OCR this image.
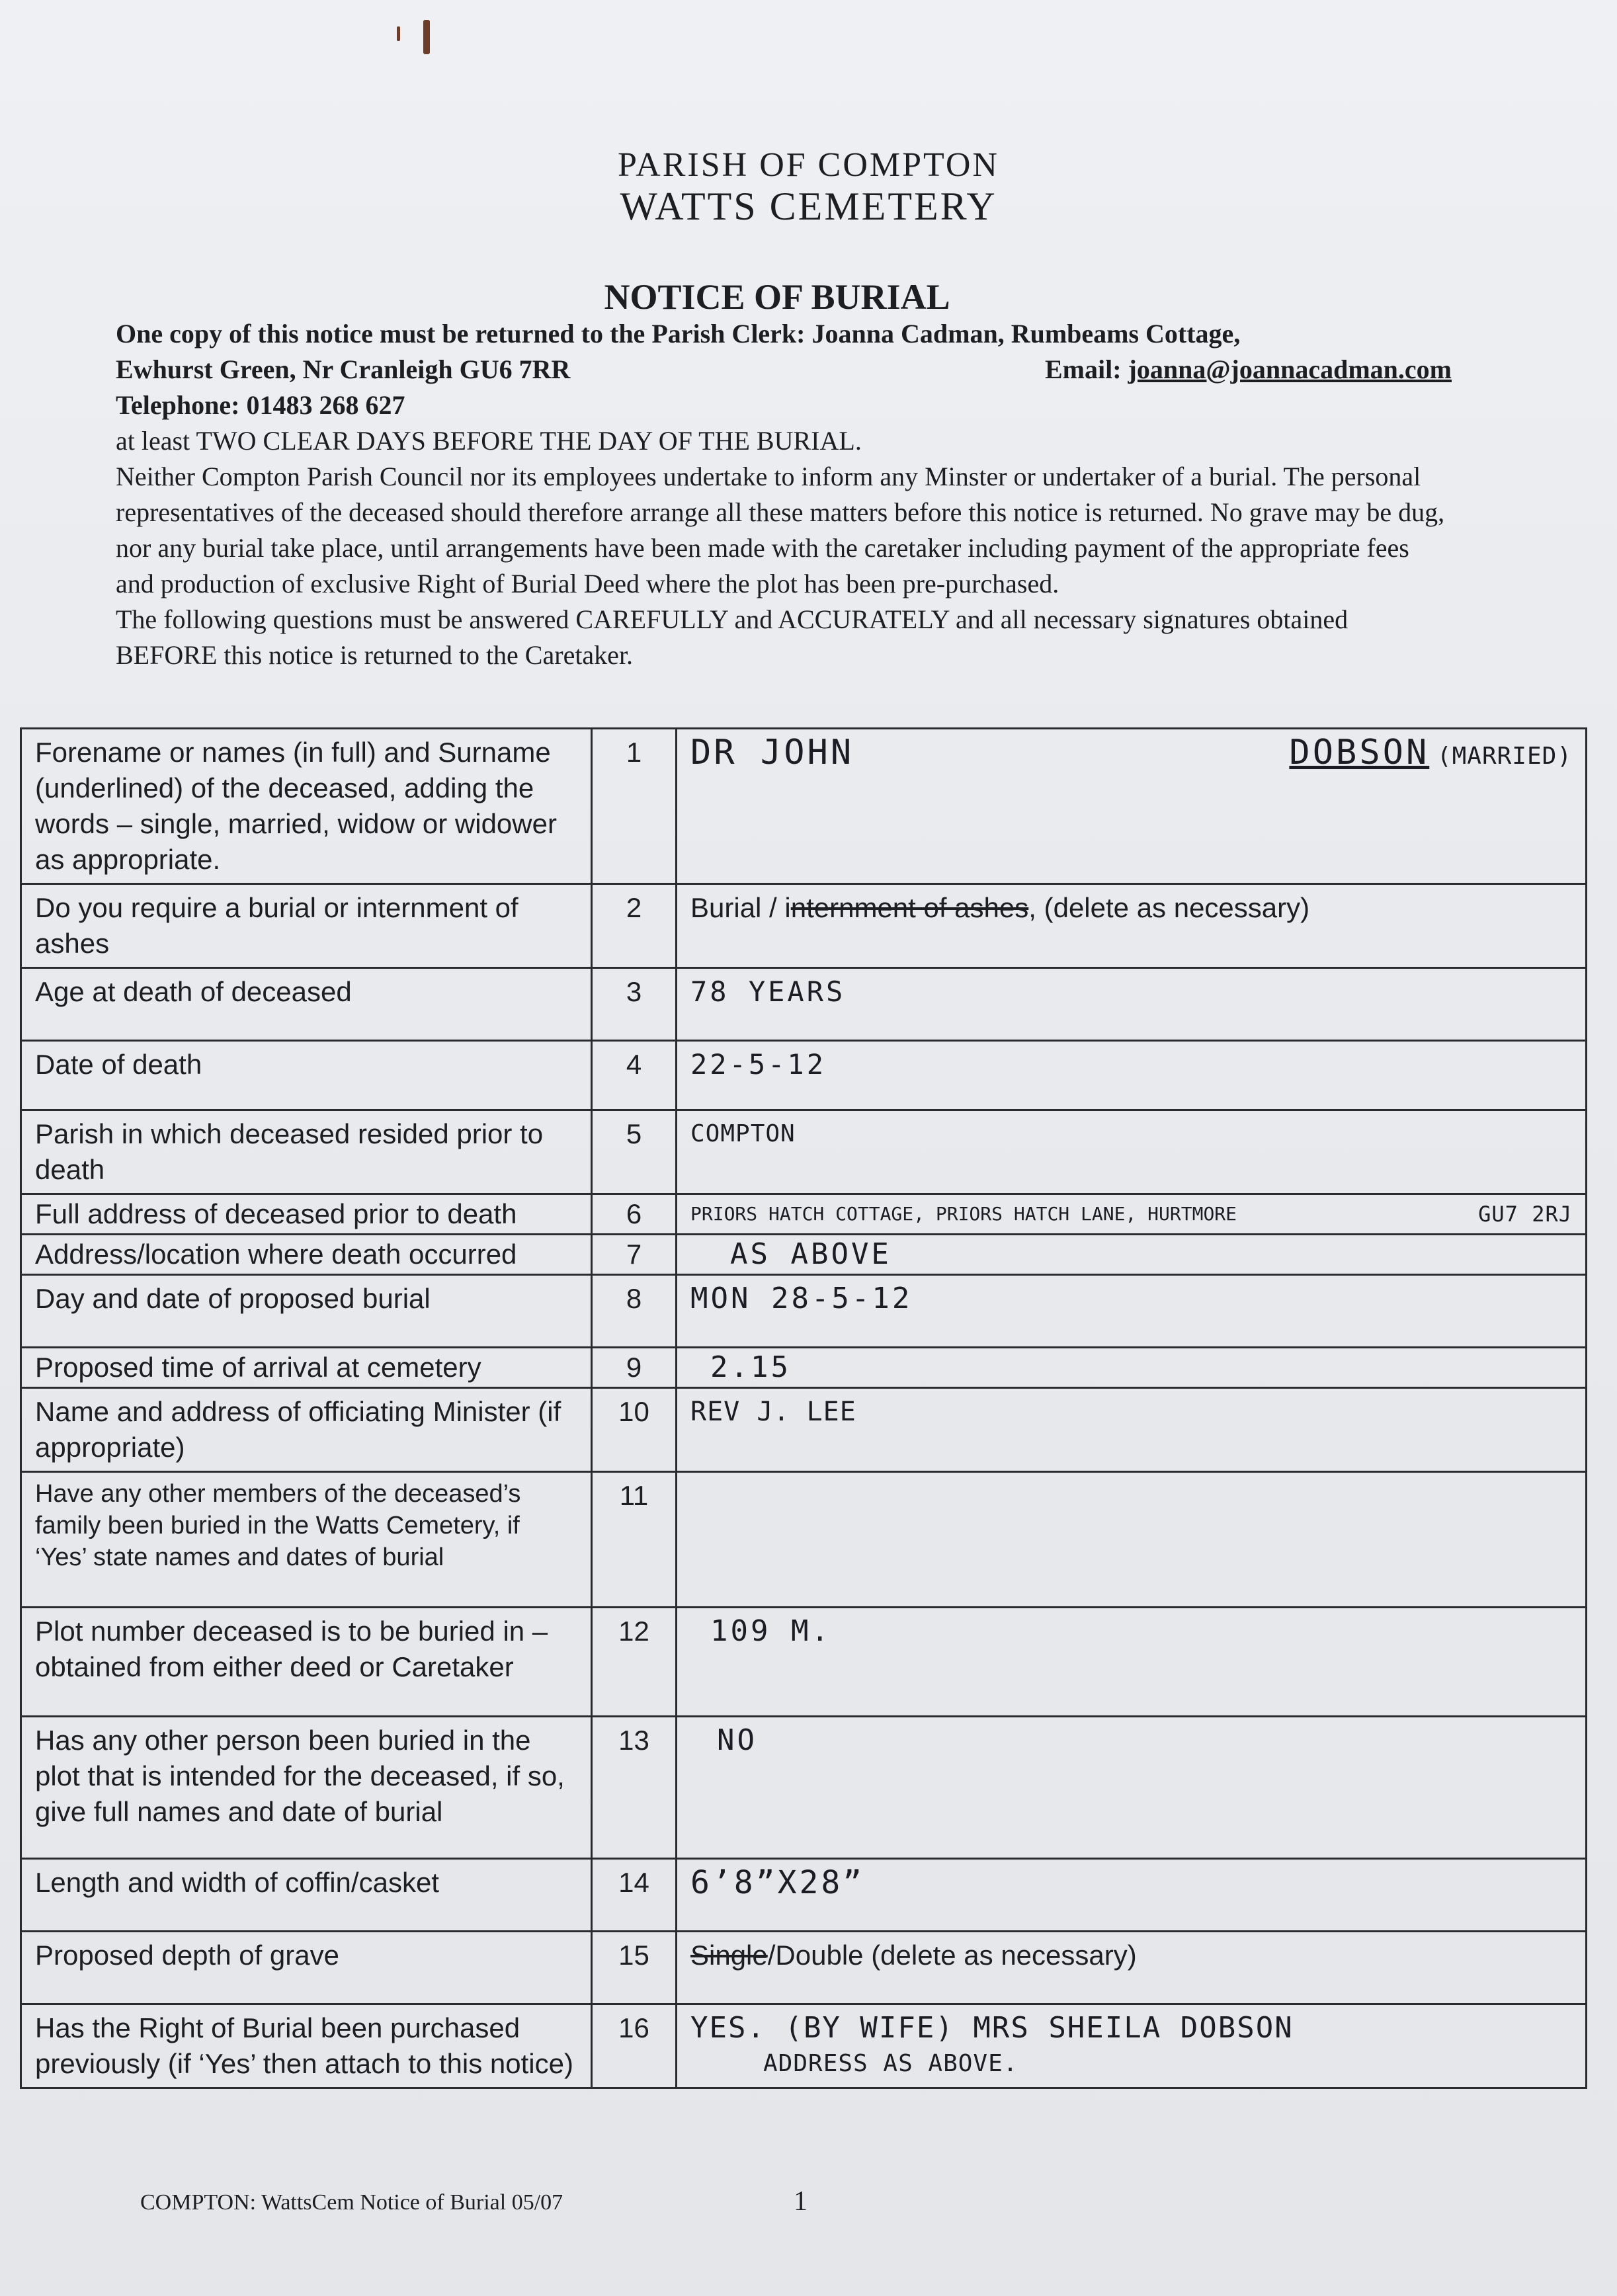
PARISH OF COMPTON
WATTS CEMETERY
NOTICE OF BURIAL

One copy of this notice must be returned to the Parish Clerk: Joanna Cadman, Rumbeams Cottage,

Ewhurst Green, Nr Cranleigh GU6 7RR	Email: joanna@joannacadman.com

Telephone: 01483 268 627

at least TWO CLEAR DAYS BEFORE THE DAY OF THE BURIAL.

Neither Compton Parish Council nor its employees undertake to inform any Minster or undertaker of a burial. The personal representatives of the deceased should therefore arrange all these matters before this notice is returned. No grave may be dug, nor any burial take place, until arrangements have been made with the caretaker including payment of the appropriate fees and production of exclusive Right of Burial Deed where the plot has been pre-purchased.

The following questions must be answered CAREFULLY and ACCURATELY and all necessary signatures obtained BEFORE this notice is returned to the Caretaker.

Forename or names (in full) and Surname (underlined) of the deceased, adding the words – single, married, widow or widower as appropriate.	1	DR JOHN DOBSON (MARRIED)

Do you require a burial or internment of ashes	2	Burial / internment of ashes, (delete as necessary)
Age at death of deceased	3	78 YEARS
Date of death	4	22-5-12
Parish in which deceased resided prior to death	5	COMPTON
Full address of deceased prior to death	6	PRIORS HATCH COTTAGE, PRIORS HATCH LANE, HURTMORE GU7 2RJ

Address/location where death occurred	7	AS ABOVE
Day and date of proposed burial	8	MON 28-5-12
Proposed time of arrival at cemetery	9	2.15
Name and address of officiating Minister (if appropriate)	10	REV J. LEE
Have any other members of the deceased’s family been buried in the Watts Cemetery, if ‘Yes’ state names and dates of burial	11	
Plot number deceased is to be buried in – obtained from either deed or Caretaker	12	109 M.
Has any other person been buried in the plot that is intended for the deceased, if so, give full names and date of burial	13	NO
Length and width of coffin/casket	14	6’8”X28”
Proposed depth of grave	15	Single/Double (delete as necessary)
Has the Right of Burial been purchased previously (if ‘Yes’ then attach to this notice)	16	YES. (BY WIFE) MRS SHEILA DOBSON
ADDRESS AS ABOVE.
COMPTON: WattsCem Notice of Burial 05/07	1
